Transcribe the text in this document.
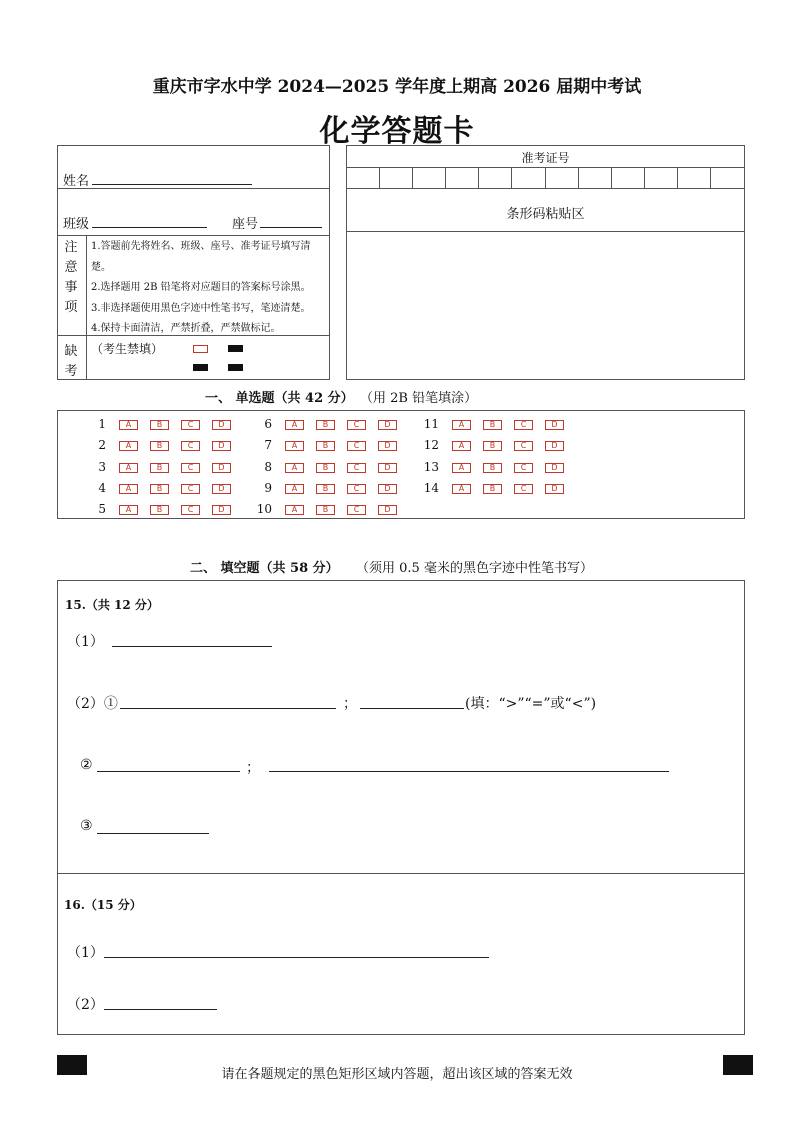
重庆市字水中学 2024—2025 学年度上期高 2026 届期中考试
化学答题卡
姓名
班级	座号
注
意
事
项
1.答题前先将姓名、班级、座号、准考证号填写清
楚。
2.选择题用 2B 铅笔将对应题目的答案标号涂黑。
3.非选择题使用黑色字迹中性笔书写，笔迹清楚。
4.保持卡面清洁，严禁折叠，严禁做标记。
缺
考
（考生禁填）
准考证号
条形码粘贴区
一、 单选题（共 42 分） （用 2B 铅笔填涂）
1	A	B	C	D
2	A	B	C	D
3	A	B	C	D
4	A	B	C	D
5	A	B	C	D
6	A	B	C	D
7	A	B	C	D
8	A	B	C	D
9	A	B	C	D
10	A	B	C	D
11	A	B	C	D
12	A	B	C	D
13	A	B	C	D
14	A	B	C	D
二、 填空题（共 58 分） （须用 0.5 毫米的黑色字迹中性笔书写）
15.（共 12 分）
（1）
（2）①	；	(填：“>”“=”或“<”)
②	；
③
16.（15 分）
（1）
（2）
请在各题规定的黑色矩形区域内答题，超出该区域的答案无效
